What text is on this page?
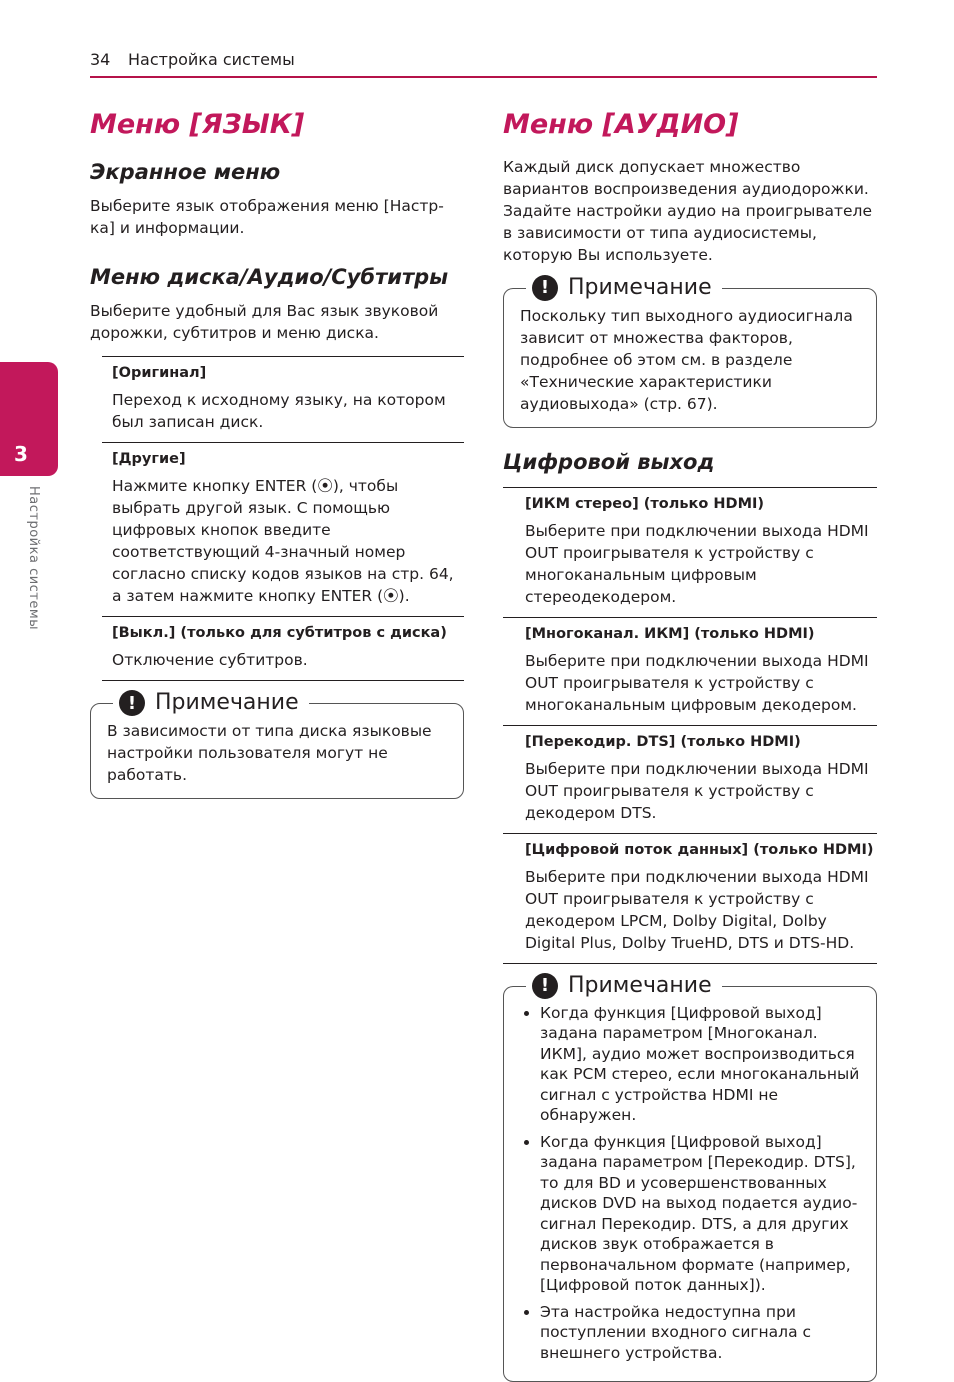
34 Настройка системы
3
Настройка системы
Меню [ЯЗЫК]
Экранное меню

Выберите язык отображения меню [Настр-ка] и информации.

Меню диска/Аудио/Субтитры

Выберите удобный для Вас язык звуковой дорожки, субтитров и меню диска.

[Оригинал]
Переход к исходному языку, на котором был записан диск.
[Другие]
Нажмите кнопку ENTER (⦿), чтобы выбрать другой язык. С помощью цифровых кнопок введите соответствующий 4-значный номер согласно списку кодов языков на стр. 64, а затем нажмите кнопку ENTER (⦿).
[Выкл.] (только для субтитров с диска)
Отключение субтитров.
! Примечание

В зависимости от типа диска языковые настройки пользователя могут не работать.

Меню [АУДИО]

Каждый диск допускает множество вариантов воспроизведения аудиодорожки. Задайте настройки аудио на проигрывателе в зависимости от типа аудиосистемы, которую Вы используете.

! Примечание

Поскольку тип выходного аудиосигнала зависит от множества факторов, подробнее об этом см. в разделе «Технические характеристики аудиовыхода» (стр. 67).

Цифровой выход
[ИКМ стерео] (только HDMI)
Выберите при подключении выхода HDMI OUT проигрывателя к устройству с многоканальным цифровым стереодекодером.
[Многоканал. ИКМ] (только HDMI)
Выберите при подключении выхода HDMI OUT проигрывателя к устройству с многоканальным цифровым декодером.
[Перекодир. DTS] (только HDMI)
Выберите при подключении выхода HDMI OUT проигрывателя к устройству с декодером DTS.
[Цифровой поток данных] (только HDMI)
Выберите при подключении выхода HDMI OUT проигрывателя к устройству с декодером LPCM, Dolby Digital, Dolby Digital Plus, Dolby TrueHD, DTS и DTS-HD.
! Примечание
• Когда функция [Цифровой выход] задана параметром [Многоканал. ИКМ], аудио может воспроизводиться как PCM стерео, если многоканальный сигнал с устройства HDMI не обнаружен.
• Когда функция [Цифровой выход] задана параметром [Перекодир. DTS], то для BD и усовершенствованных дисков DVD на выход подается аудио-сигнал Перекодир. DTS, а для других дисков звук отображается в первоначальном формате (например, [Цифровой поток данных]).
• Эта настройка недоступна при поступлении входного сигнала с внешнего устройства.
